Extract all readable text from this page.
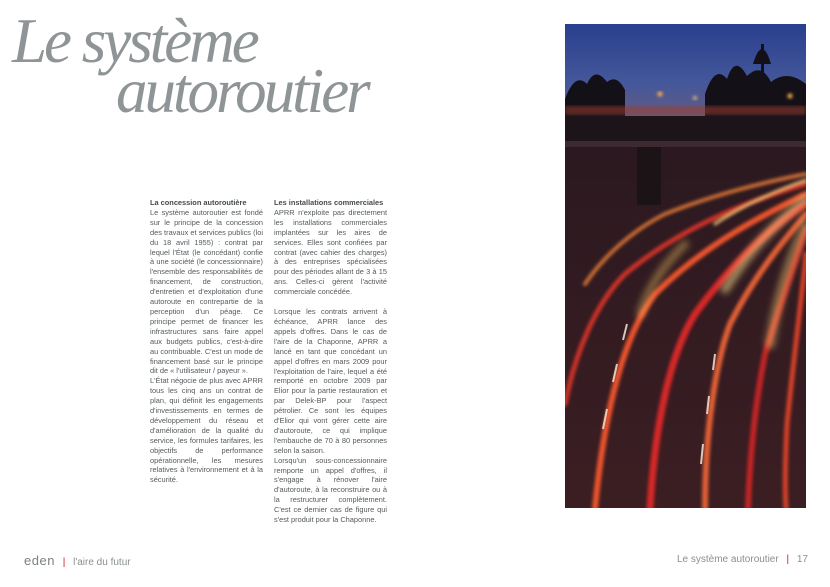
Le système
autoroutier
La concession autoroutière

Le système autoroutier est fondé sur le principe de la concession des travaux et services publics (loi du 18 avril 1955) : contrat par lequel l'État (le concédant) confie à une société (le concessionnaire) l'ensemble des responsabilités de financement, de construction, d'entretien et d'exploitation d'une autoroute en contrepartie de la perception d'un péage. Ce principe permet de financer les infrastructures sans faire appel aux budgets publics, c'est-à-dire au contribuable. C'est un mode de financement basé sur le principe dit de « l'utilisateur / payeur ».

L'État négocie de plus avec APRR tous les cinq ans un contrat de plan, qui définit les engagements d'investissements en termes de développement du réseau et d'amélioration de la qualité du service, les formules tarifaires, les objectifs de performance opérationnelle, les mesures relatives à l'environnement et à la sécurité.

Les installations commerciales

APRR n'exploite pas directement les installations commerciales implantées sur les aires de services. Elles sont confiées par contrat (avec cahier des charges) à des entreprises spécialisées pour des périodes allant de 3 à 15 ans. Celles-ci gèrent l'activité commerciale concédée.

Lorsque les contrats arrivent à échéance, APRR lance des appels d'offres. Dans le cas de l'aire de la Chaponne, APRR a lancé en tant que concédant un appel d'offres en mars 2009 pour l'exploitation de l'aire, lequel a été remporté en octobre 2009 par Elior pour la partie restauration et par Delek-BP pour l'aspect pétrolier. Ce sont les équipes d'Elior qui vont gérer cette aire d'autoroute, ce qui implique l'embauche de 70 à 80 personnes selon la saison.

Lorsqu'un sous-concessionnaire remporte un appel d'offres, il s'engage à rénover l'aire d'autoroute, à la reconstruire ou à la restructurer complètement. C'est ce dernier cas de figure qui s'est produit pour la Chaponne.

eden | l'aire du futur	Le système autoroutier | 17
